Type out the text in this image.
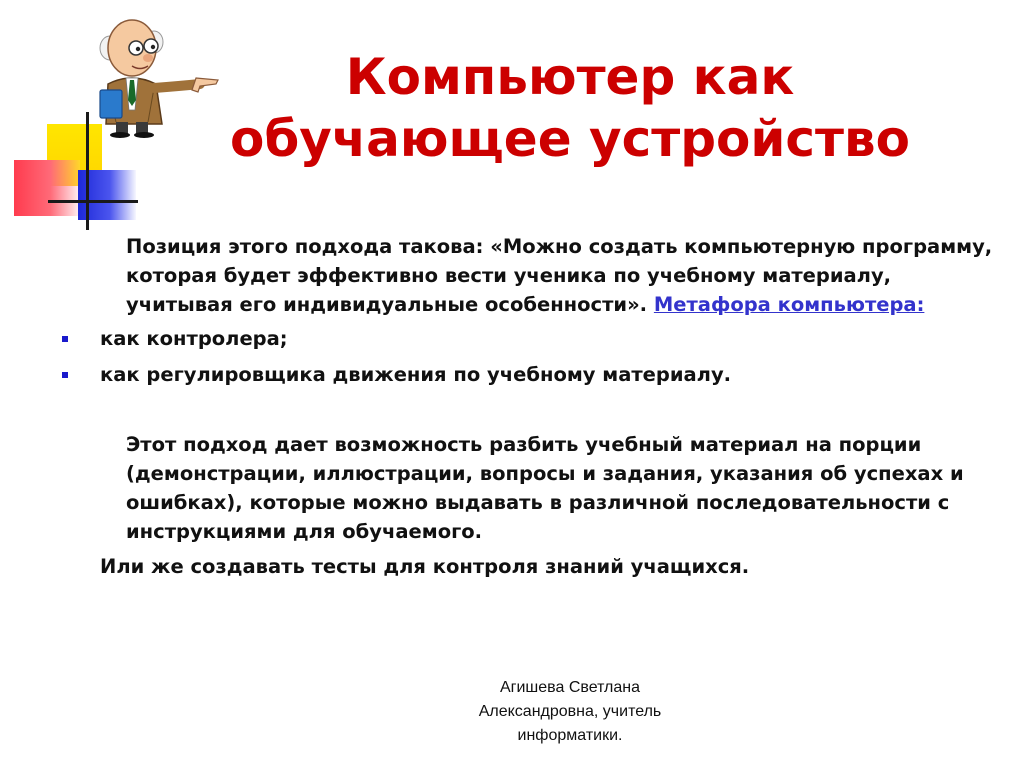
Компьютер как
обучающее устройство

Позиция этого подхода такова: «Можно создать компьютерную программу, которая будет эффективно вести ученика по учебному материалу, учитывая его индивидуальные особенности». Метафора компьютера:

как контролера;
как регулировщика движения по учебному материалу.

Этот подход дает возможность разбить учебный материал на порции (демонстрации, иллюстрации, вопросы и задания, указания об успехах и ошибках), которые можно выдавать в различной последовательности с инструкциями для обучаемого.

Или же создавать тесты для контроля знаний учащихся.

Агишева Светлана
Александровна, учитель
информатики.
